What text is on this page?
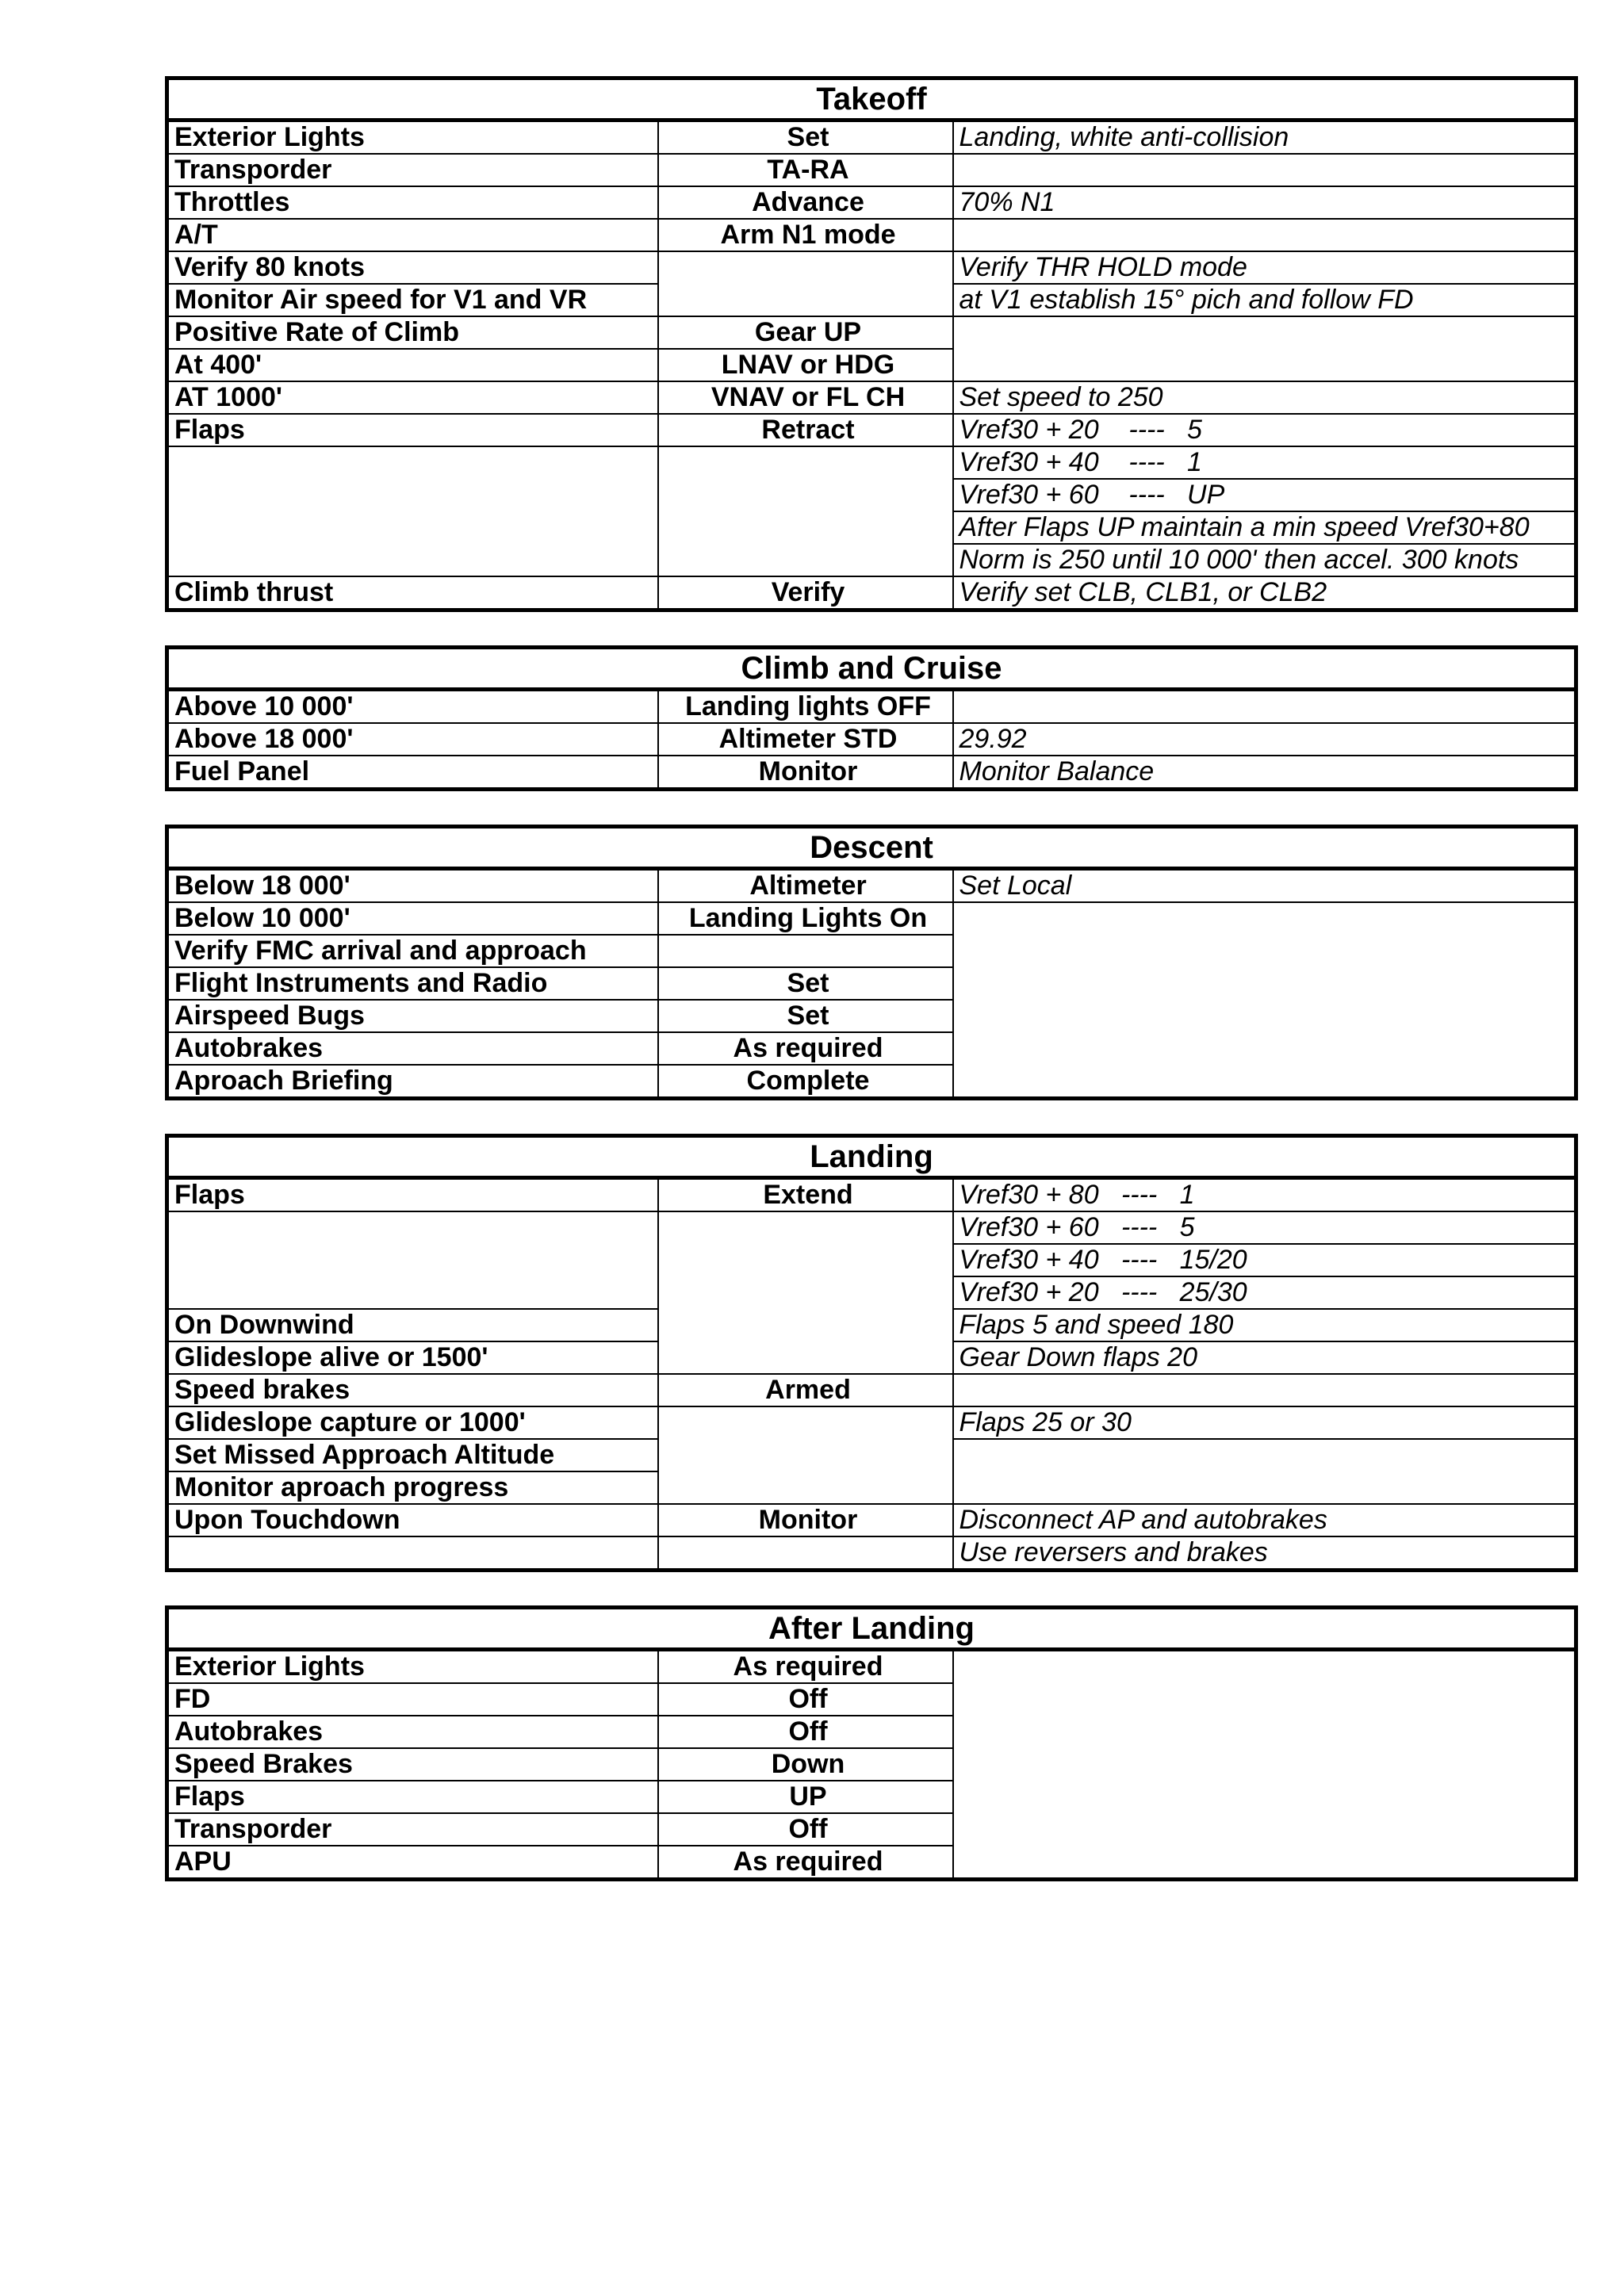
Takeoff		
Exterior Lights	Set	Landing, white anti-collision
Transporder	TA-RA	
Throttles	Advance	70% N1
A/T	Arm N1 mode	
Verify 80 knots		Verify THR HOLD mode
Monitor Air speed for V1 and VR		at V1 establish 15° pich and follow FD
Positive Rate of Climb	Gear UP	
At 400'	LNAV or HDG	
AT 1000'	VNAV or FL CH	Set speed to 250
Flaps	Retract	Vref30 + 20    ----   5
		Vref30 + 40    ----   1
		Vref30 + 60    ----   UP
		After Flaps UP maintain a min speed Vref30+80
		Norm is 250 until 10 000' then accel. 300 knots
Climb thrust	Verify	Verify set CLB, CLB1, or CLB2
Climb and Cruise		
Above 10 000'	Landing lights OFF	
Above 18 000'	Altimeter STD	29.92
Fuel Panel	Monitor	Monitor Balance
Descent		
Below 18 000'	Altimeter	Set Local
Below 10 000'	Landing Lights On	
Verify FMC arrival and approach		
Flight Instruments and Radio	Set	
Airspeed Bugs	Set	
Autobrakes	As required	
Aproach Briefing	Complete	
Landing		
Flaps	Extend	Vref30 + 80   ----   1
		Vref30 + 60   ----   5
		Vref30 + 40   ----   15/20
		Vref30 + 20   ----   25/30
On Downwind		Flaps 5 and speed 180
Glideslope alive or 1500'		Gear Down flaps 20
Speed brakes	Armed	
Glideslope capture or 1000'		Flaps 25 or 30
Set Missed Approach Altitude		
Monitor aproach progress		
Upon Touchdown	Monitor	Disconnect AP and autobrakes
		Use reversers and brakes
After Landing		
Exterior Lights	As required	
FD	Off	
Autobrakes	Off	
Speed Brakes	Down	
Flaps	UP	
Transporder	Off	
APU	As required	
